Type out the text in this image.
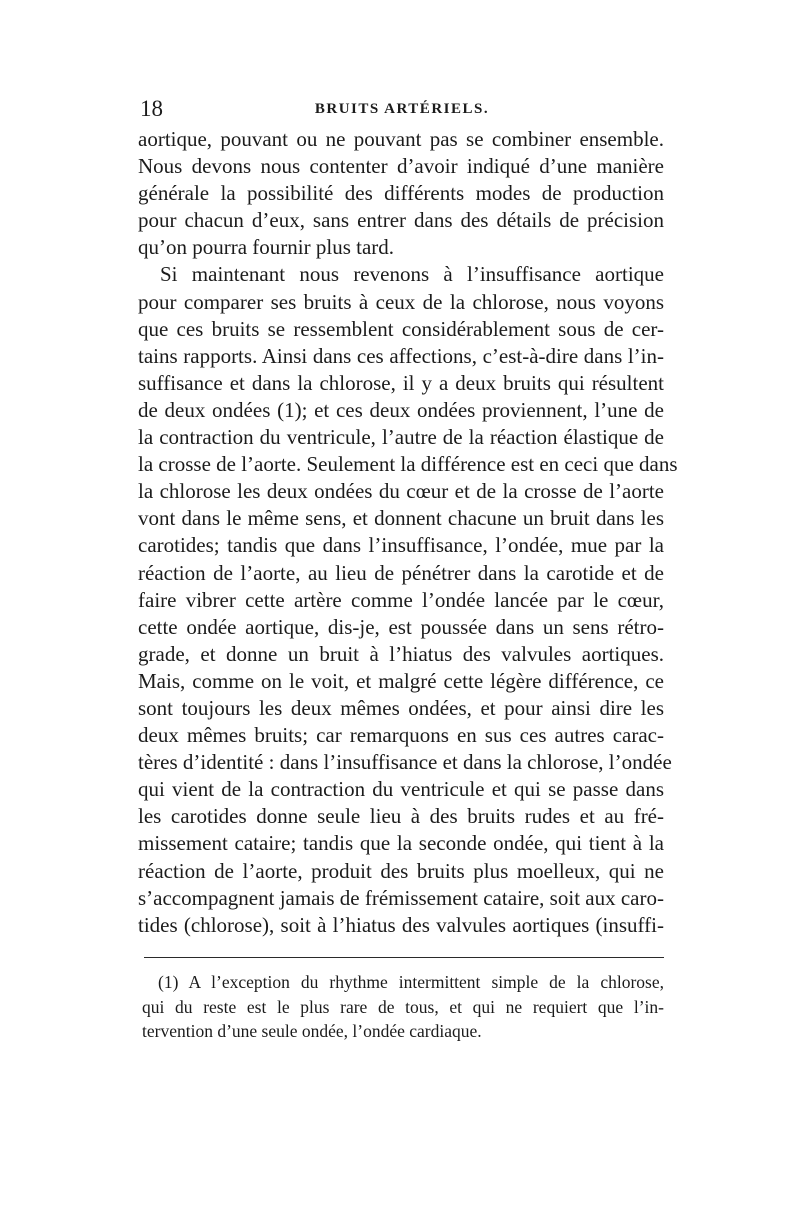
18	BRUITS ARTÉRIELS.
aortique, pouvant ou ne pouvant pas se combiner ensemble.
Nous devons nous contenter d’avoir indiqué d’une manière
générale la possibilité des différents modes de production
pour chacun d’eux, sans entrer dans des détails de précision
qu’on pourra fournir plus tard.
Si maintenant nous revenons à l’insuffisance aortique
pour comparer ses bruits à ceux de la chlorose, nous voyons
que ces bruits se ressemblent considérablement sous de cer-
tains rapports. Ainsi dans ces affections, c’est-à-dire dans l’in-
suffisance et dans la chlorose, il y a deux bruits qui résultent
de deux ondées (1); et ces deux ondées proviennent, l’une de
la contraction du ventricule, l’autre de la réaction élastique de
la crosse de l’aorte. Seulement la différence est en ceci que dans
la chlorose les deux ondées du cœur et de la crosse de l’aorte
vont dans le même sens, et donnent chacune un bruit dans les
carotides; tandis que dans l’insuffisance, l’ondée, mue par la
réaction de l’aorte, au lieu de pénétrer dans la carotide et de
faire vibrer cette artère comme l’ondée lancée par le cœur,
cette ondée aortique, dis-je, est poussée dans un sens rétro-
grade, et donne un bruit à l’hiatus des valvules aortiques.
Mais, comme on le voit, et malgré cette légère différence, ce
sont toujours les deux mêmes ondées, et pour ainsi dire les
deux mêmes bruits; car remarquons en sus ces autres carac-
tères d’identité : dans l’insuffisance et dans la chlorose, l’ondée
qui vient de la contraction du ventricule et qui se passe dans
les carotides donne seule lieu à des bruits rudes et au fré-
missement cataire; tandis que la seconde ondée, qui tient à la
réaction de l’aorte, produit des bruits plus moelleux, qui ne
s’accompagnent jamais de frémissement cataire, soit aux caro-
tides (chlorose), soit à l’hiatus des valvules aortiques (insuffi-
(1) A l’exception du rhythme intermittent simple de la chlorose,
qui du reste est le plus rare de tous, et qui ne requiert que l’in-
tervention d’une seule ondée, l’ondée cardiaque.
